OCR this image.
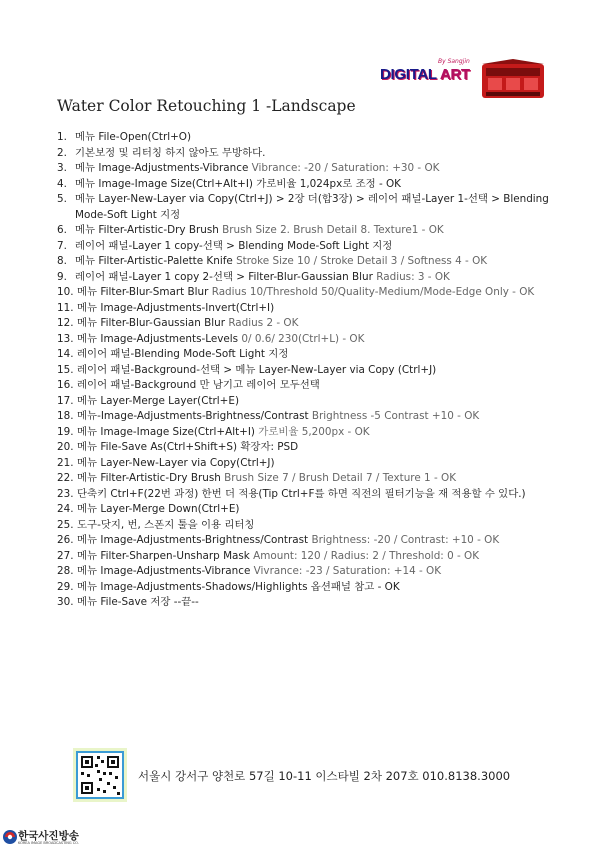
By Sangjin
DIGITAL ART
Water Color Retouching 1 -Landscape
1. 메뉴 File-Open(Ctrl+O)
2. 기본보정 및 리터칭 하지 않아도 무방하다.
3. 메뉴 Image-Adjustments-Vibrance Vibrance: -20 / Saturation: +30 - OK
4. 메뉴 Image-Image Size(Ctrl+Alt+I) 가로비율 1,024px로 조정 - OK
5. 메뉴 Layer-New-Layer via Copy(Ctrl+J) > 2장 더(합3장) > 레이어 패널-Layer 1-선택 > Blending Mode-Soft Light 지정
6. 메뉴 Filter-Artistic-Dry Brush Brush Size 2. Brush Detail 8. Texture1 - OK
7. 레이어 패널-Layer 1 copy-선택 > Blending Mode-Soft Light 지정
8. 메뉴 Filter-Artistic-Palette Knife Stroke Size 10 / Stroke Detail 3 / Softness 4 - OK
9. 레이어 패널-Layer 1 copy 2-선택 > Filter-Blur-Gaussian Blur Radius: 3 - OK
10. 메뉴 Filter-Blur-Smart Blur Radius 10/Threshold 50/Quality-Medium/Mode-Edge Only - OK
11. 메뉴 Image-Adjustments-Invert(Ctrl+I)
12. 메뉴 Filter-Blur-Gaussian Blur Radius 2 - OK
13. 메뉴 Image-Adjustments-Levels 0/ 0.6/ 230(Ctrl+L) - OK
14. 레이어 패널-Blending Mode-Soft Light 지정
15. 레이어 패널-Background-선택 > 메뉴 Layer-New-Layer via Copy (Ctrl+J)
16. 레이어 패널-Background 만 남기고 레이어 모두선택
17. 메뉴 Layer-Merge Layer(Ctrl+E)
18. 메뉴-Image-Adjustments-Brightness/Contrast Brightness -5 Contrast +10 - OK
19. 메뉴 Image-Image Size(Ctrl+Alt+I) 가로비율 5,200px - OK
20. 메뉴 File-Save As(Ctrl+Shift+S) 확장자: PSD
21. 메뉴 Layer-New-Layer via Copy(Ctrl+J)
22. 메뉴 Filter-Artistic-Dry Brush Brush Size 7 / Brush Detail 7 / Texture 1 - OK
23. 단축키 Ctrl+F(22번 과정) 한번 더 적용(Tip Ctrl+F를 하면 직전의 필터기능을 재 적용할 수 있다.)
24. 메뉴 Layer-Merge Down(Ctrl+E)
25. 도구-닷지, 번, 스폰지 툴을 이용 리터칭
26. 메뉴 Image-Adjustments-Brightness/Contrast Brightness: -20 / Contrast: +10 - OK
27. 메뉴 Filter-Sharpen-Unsharp Mask Amount: 120 / Radius: 2 / Threshold: 0 - OK
28. 메뉴 Image-Adjustments-Vibrance Vivrance: -23 / Saturation: +14 - OK
29. 메뉴 Image-Adjustments-Shadows/Highlights 옵션패널 참고 - OK
30. 메뉴 File-Save 저장 --끝--
서울시 강서구 양천로 57길 10-11 이스타빌 2차 207호 010.8138.3000
한국사진방송
KOREA IMAGE BROADCASTING CO.
